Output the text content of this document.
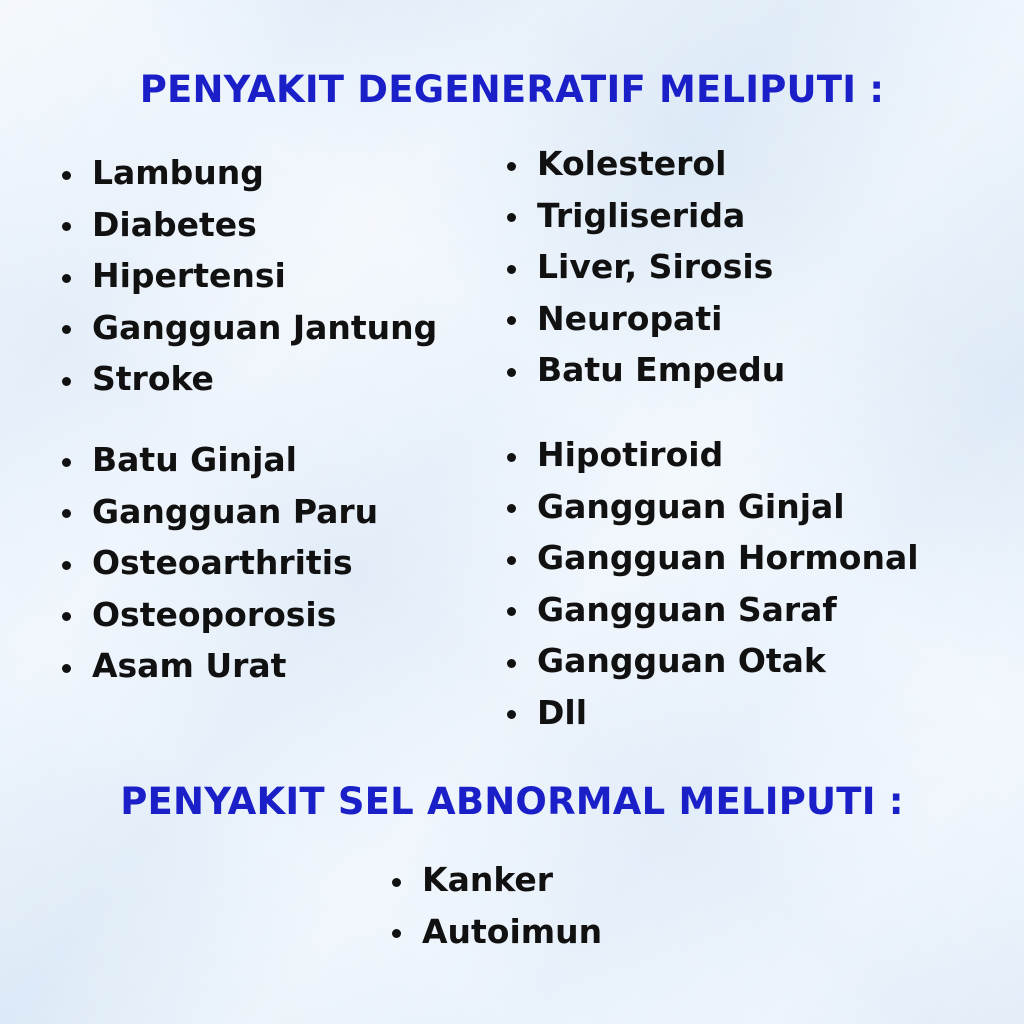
PENYAKIT DEGENERATIF MELIPUTI :
Lambung
Diabetes
Hipertensi
Gangguan Jantung
Stroke
Kolesterol
Trigliserida
Liver, Sirosis
Neuropati
Batu Empedu
Batu Ginjal
Gangguan Paru
Osteoarthritis
Osteoporosis
Asam Urat
Hipotiroid
Gangguan Ginjal
Gangguan Hormonal
Gangguan Saraf
Gangguan Otak
Dll
PENYAKIT SEL ABNORMAL MELIPUTI :
Kanker
Autoimun
